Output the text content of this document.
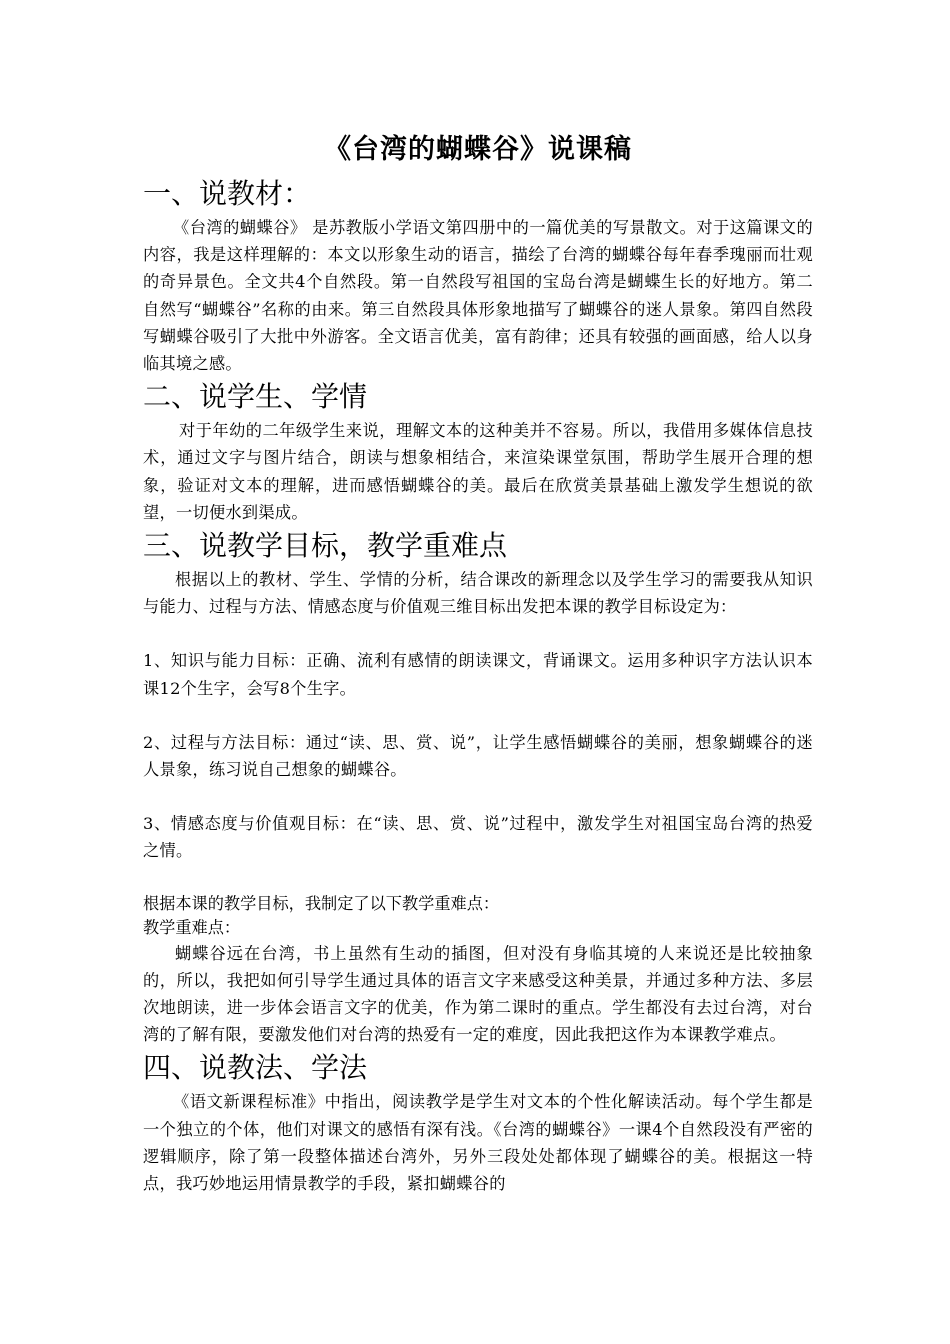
《台湾的蝴蝶谷》说课稿
一、说教材：

《台湾的蝴蝶谷》 是苏教版小学语文第四册中的一篇优美的写景散文。对于这篇课文的内容，我是这样理解的：本文以形象生动的语言，描绘了台湾的蝴蝶谷每年春季瑰丽而壮观的奇异景色。全文共4个自然段。第一自然段写祖国的宝岛台湾是蝴蝶生长的好地方。第二自然写“蝴蝶谷”名称的由来。第三自然段具体形象地描写了蝴蝶谷的迷人景象。第四自然段写蝴蝶谷吸引了大批中外游客。全文语言优美，富有韵律；还具有较强的画面感，给人以身临其境之感。

二、说学生、学情

对于年幼的二年级学生来说，理解文本的这种美并不容易。所以，我借用多媒体信息技术，通过文字与图片结合，朗读与想象相结合，来渲染课堂氛围，帮助学生展开合理的想象，验证对文本的理解，进而感悟蝴蝶谷的美。最后在欣赏美景基础上激发学生想说的欲望，一切便水到渠成。

三、说教学目标，教学重难点

根据以上的教材、学生、学情的分析，结合课改的新理念以及学生学习的需要我从知识与能力、过程与方法、情感态度与价值观三维目标出发把本课的教学目标设定为：

1、知识与能力目标：正确、流利有感情的朗读课文，背诵课文。运用多种识字方法认识本课12个生字，会写8个生字。

2、过程与方法目标：通过“读、思、赏、说”，让学生感悟蝴蝶谷的美丽，想象蝴蝶谷的迷人景象，练习说自己想象的蝴蝶谷。

3、情感态度与价值观目标：在“读、思、赏、说”过程中，激发学生对祖国宝岛台湾的热爱之情。

根据本课的教学目标，我制定了以下教学重难点：

教学重难点：

蝴蝶谷远在台湾，书上虽然有生动的插图，但对没有身临其境的人来说还是比较抽象的，所以，我把如何引导学生通过具体的语言文字来感受这种美景，并通过多种方法、多层次地朗读，进一步体会语言文字的优美，作为第二课时的重点。学生都没有去过台湾，对台湾的了解有限，要激发他们对台湾的热爱有一定的难度，因此我把这作为本课教学难点。

四、说教法、学法

《语文新课程标准》中指出，阅读教学是学生对文本的个性化解读活动。每个学生都是一个独立的个体，他们对课文的感悟有深有浅。《台湾的蝴蝶谷》一课4个自然段没有严密的逻辑顺序，除了第一段整体描述台湾外，另外三段处处都体现了蝴蝶谷的美。根据这一特点，我巧妙地运用情景教学的手段，紧扣蝴蝶谷的
